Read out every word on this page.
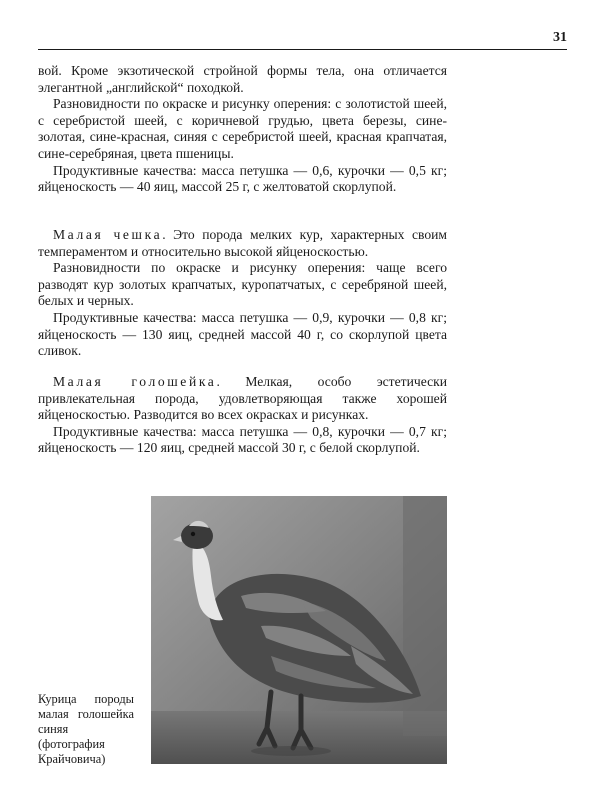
31

вой. Кроме экзотической стройной формы тела, она отличается элегантной „английской“ походкой.

Разновидности по окраске и рисунку оперения: с золотистой шеей, с серебристой шеей, с коричневой грудью, цвета березы, сине-золотая, сине-красная, синяя с серебристой шеей, красная крапчатая, сине-серебряная, цвета пшеницы.

Продуктивные качества: масса петушка — 0,6, курочки — 0,5 кг; яйценоскость — 40 яиц, массой 25 г, с желтоватой скорлупой.

Малая чешка. Это порода мелких кур, характерных своим темпераментом и относительно высокой яйценоскостью.

Разновидности по окраске и рисунку оперения: чаще всего разводят кур золотых крапчатых, куропатчатых, с серебряной шеей, белых и черных.

Продуктивные качества: масса петушка — 0,9, курочки — 0,8 кг; яйценоскость — 130 яиц, средней массой 40 г, со скорлупой цвета сливок.

Малая голошейка. Мелкая, особо эстетически привлекательная порода, удовлетворяющая также хорошей яйценоскостью. Разводится во всех окрасках и рисунках.

Продуктивные качества: масса петушка — 0,8, курочки — 0,7 кг; яйценоскость — 120 яиц, средней массой 30 г, с белой скорлупой.

Курица породы малая голошейка синяя (фотография Крайчовича)
